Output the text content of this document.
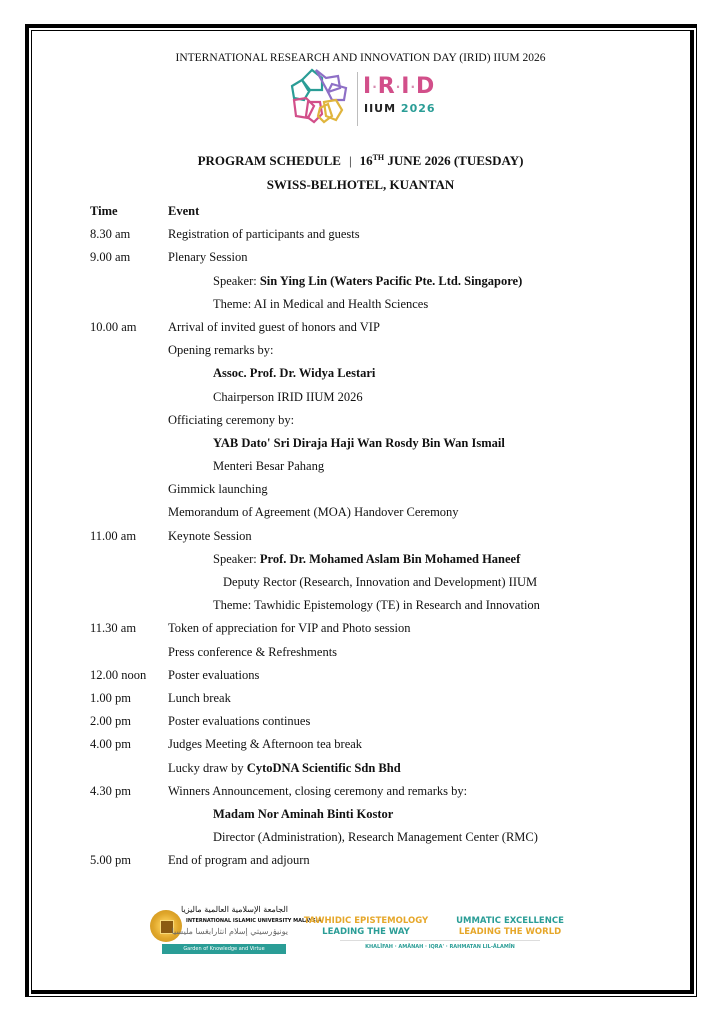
INTERNATIONAL RESEARCH AND INNOVATION DAY (IRID) IIUM 2026
I·R·I·D
IIUM 2026
PROGRAM SCHEDULE | 16TH JUNE 2026 (TUESDAY)
SWISS-BELHOTEL, KUANTAN
Time	Event
8.30 am	Registration of participants and guests
9.00 am	Plenary Session
Speaker: Sin Ying Lin (Waters Pacific Pte. Ltd. Singapore)
Theme: AI in Medical and Health Sciences
10.00 am	Arrival of invited guest of honors and VIP
Opening remarks by:
Assoc. Prof. Dr. Widya Lestari
Chairperson IRID IIUM 2026
Officiating ceremony by:
YAB Dato' Sri Diraja Haji Wan Rosdy Bin Wan Ismail
Menteri Besar Pahang
Gimmick launching
Memorandum of Agreement (MOA) Handover Ceremony
11.00 am	Keynote Session
Speaker: Prof. Dr. Mohamed Aslam Bin Mohamed Haneef
Deputy Rector (Research, Innovation and Development) IIUM
Theme: Tawhidic Epistemology (TE) in Research and Innovation
11.30 am	Token of appreciation for VIP and Photo session
Press conference & Refreshments
12.00 noon Poster evaluations
1.00 pm	Lunch break
2.00 pm	Poster evaluations continues
4.00 pm	Judges Meeting & Afternoon tea break
Lucky draw by CytoDNA Scientific Sdn Bhd
4.30 pm	Winners Announcement, closing ceremony and remarks by:
Madam Nor Aminah Binti Kostor
Director (Administration), Research Management Center (RMC)
5.00 pm	End of program and adjourn
الجامعة الإسلامية العالمية ماليزيا
INTERNATIONAL ISLAMIC UNIVERSITY MALAYSIA
يونيۏرسيتي إسلام انتارابڠسا مليسيا
Garden of Knowledge and Virtue
TAWHIDIC EPISTEMOLOGY
LEADING THE WAY
UMMATIC EXCELLENCE
LEADING THE WORLD
KHALĪFAH · AMĀNAH · IQRA' · RAHMATAN LIL-ĀLAMĪN
